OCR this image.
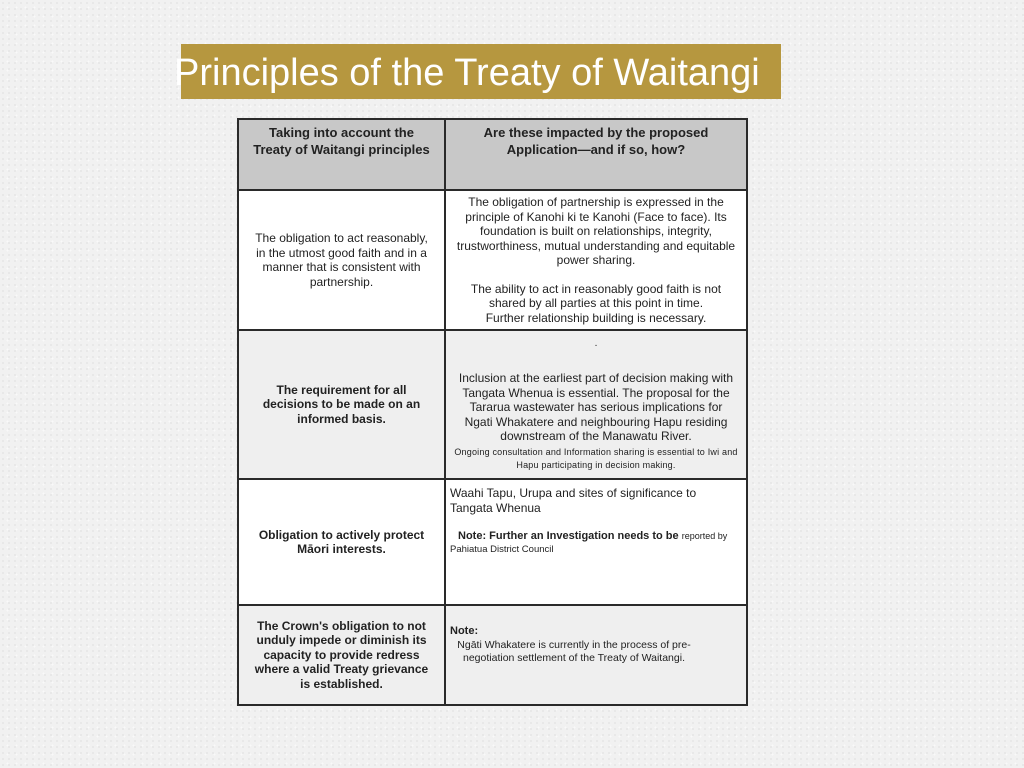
Principles of the Treaty of Waitangi
Taking into account the Treaty of Waitangi principles
Are these impacted by the proposed Application—and if so, how?
The obligation to act reasonably, in the utmost good faith and in a manner that is consistent with partnership.

The obligation of partnership is expressed in the principle of Kanohi ki te Kanohi (Face to face). Its foundation is built on relationships, integrity, trustworthiness, mutual understanding and equitable power sharing.

The ability to act in reasonably good faith is not shared by all parties at this point in time.

Further relationship building is necessary.

The requirement for all decisions to be made on an informed basis.
.

Inclusion at the earliest part of decision making with Tangata Whenua is essential. The proposal for the Tararua wastewater has serious implications for Ngati Whakatere and neighbouring Hapu residing downstream of the Manawatu River.

Ongoing consultation and Information sharing is essential to Iwi and Hapu participating in decision making.

Obligation to actively protect Māori interests.

Waahi Tapu, Urupa and sites of significance to Tangata Whenua

Note: Further an Investigation needs to be reported by

Pahiatua District Council

The Crown's obligation to not unduly impede or diminish its capacity to provide redress where a valid Treaty grievance is established.

Note:

Ngāti Whakatere is currently in the process of pre-negotiation settlement of the Treaty of Waitangi.
